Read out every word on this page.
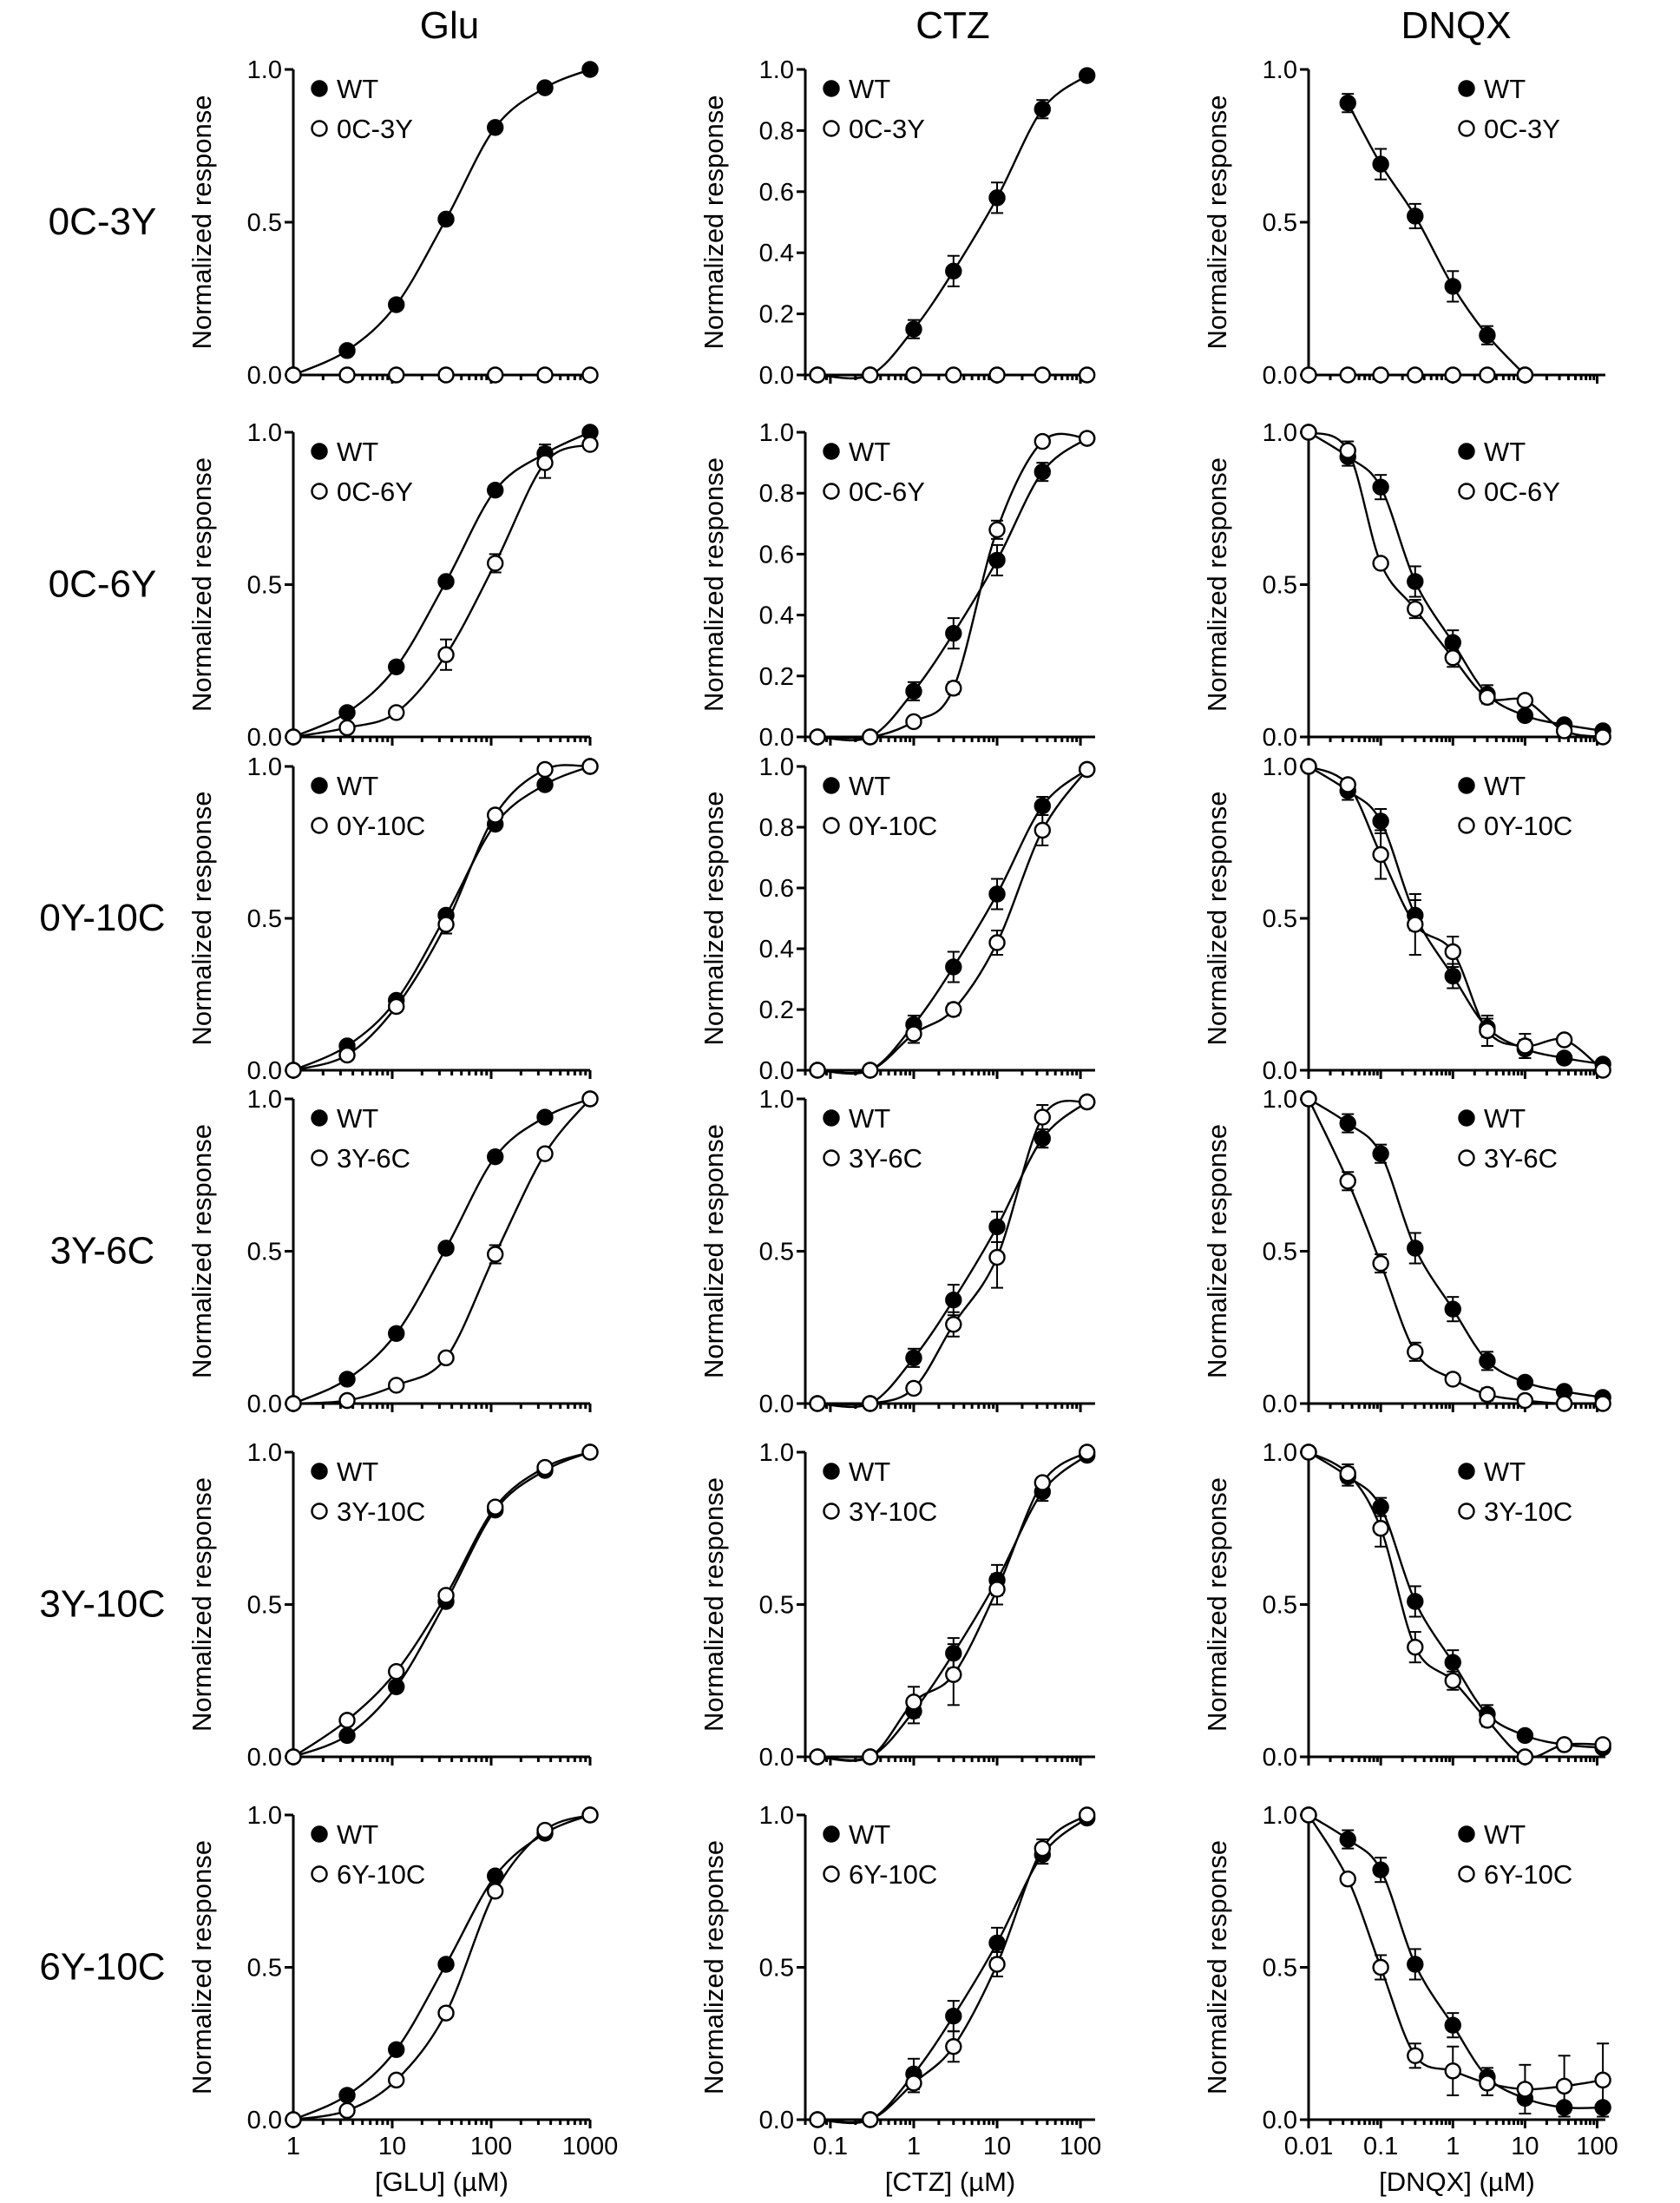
Glu	CTZ	DNQX
0C-3Y
0C-6Y
0Y-10C
3Y-6C
3Y-10C
6Y-10C
0.0
0.5
1.0
Normalized response
WT
0C-3Y
0.0
0.2
0.4
0.6
0.8
1.0
Normalized response
WT
0C-3Y
0.0
0.5
1.0
Normalized response
WT
0C-3Y
0.0
0.5
1.0
Normalized response
WT
0C-6Y
0.0
0.2
0.4
0.6
0.8
1.0
Normalized response
WT
0C-6Y
0.0
0.5
1.0
Normalized response
WT
0C-6Y
0.0
0.5
1.0
Normalized response
WT
0Y-10C
0.0
0.2
0.4
0.6
0.8
1.0
Normalized response
WT
0Y-10C
0.0
0.5
1.0
Normalized response
WT
0Y-10C
0.0
0.5
1.0
Normalized response
WT
3Y-6C
0.0
0.5
1.0
Normalized response
WT
3Y-6C
0.0
0.5
1.0
Normalized response
WT
3Y-6C
0.0
0.5
1.0
Normalized response
WT
3Y-10C
0.0
0.5
1.0
Normalized response
WT
3Y-10C
0.0
0.5
1.0
Normalized response
WT
3Y-10C
0.0
0.5
1.0
1	10	100 1000
[GLU] (µM)
Normalized response
WT
6Y-10C
0.0
0.5
1.0
0.1 1 10 100
[CTZ] (µM)
Normalized response
WT
6Y-10C
0.0
0.5
1.0
0.01 0.1 1 10 100
[DNQX] (µM)
Normalized response
WT
6Y-10C
